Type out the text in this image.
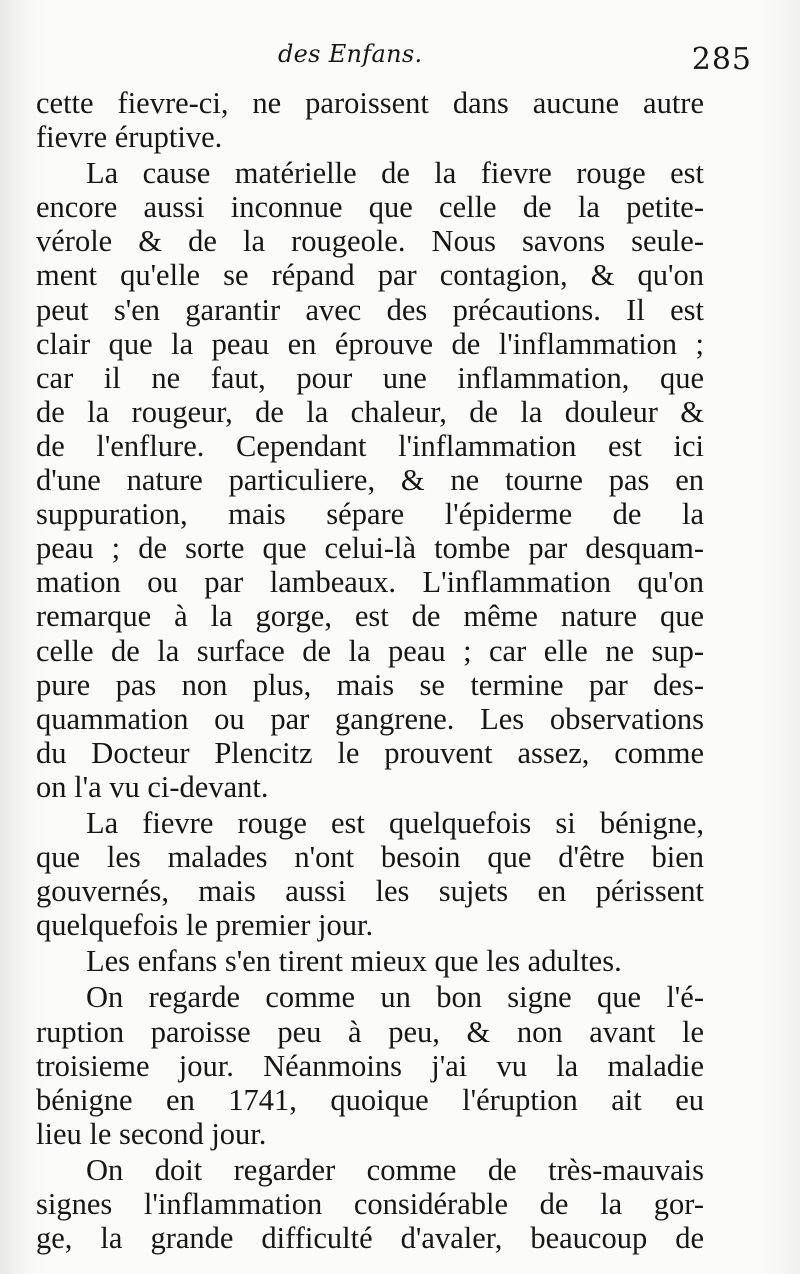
des Enfans.	285
cette fievre-ci, ne paroissent dans aucune autre
fievre éruptive.
La cause matérielle de la fievre rouge est
encore aussi inconnue que celle de la petite-
vérole & de la rougeole. Nous savons seule-
ment qu'elle se répand par contagion, & qu'on
peut s'en garantir avec des précautions. Il est
clair que la peau en éprouve de l'inflammation ;
car il ne faut, pour une inflammation, que
de la rougeur, de la chaleur, de la douleur &
de l'enflure. Cependant l'inflammation est ici
d'une nature particuliere, & ne tourne pas en
suppuration, mais sépare l'épiderme de la
peau ; de sorte que celui-là tombe par desquam-
mation ou par lambeaux. L'inflammation qu'on
remarque à la gorge, est de même nature que
celle de la surface de la peau ; car elle ne sup-
pure pas non plus, mais se termine par des-
quammation ou par gangrene. Les observations
du Docteur Plencitz le prouvent assez, comme
on l'a vu ci-devant.
La fievre rouge est quelquefois si bénigne,
que les malades n'ont besoin que d'être bien
gouvernés, mais aussi les sujets en périssent
quelquefois le premier jour.
Les enfans s'en tirent mieux que les adultes.
On regarde comme un bon signe que l'é-
ruption paroisse peu à peu, & non avant le
troisieme jour. Néanmoins j'ai vu la maladie
bénigne en 1741, quoique l'éruption ait eu
lieu le second jour.
On doit regarder comme de très-mauvais
signes l'inflammation considérable de la gor-
ge, la grande difficulté d'avaler, beaucoup de
